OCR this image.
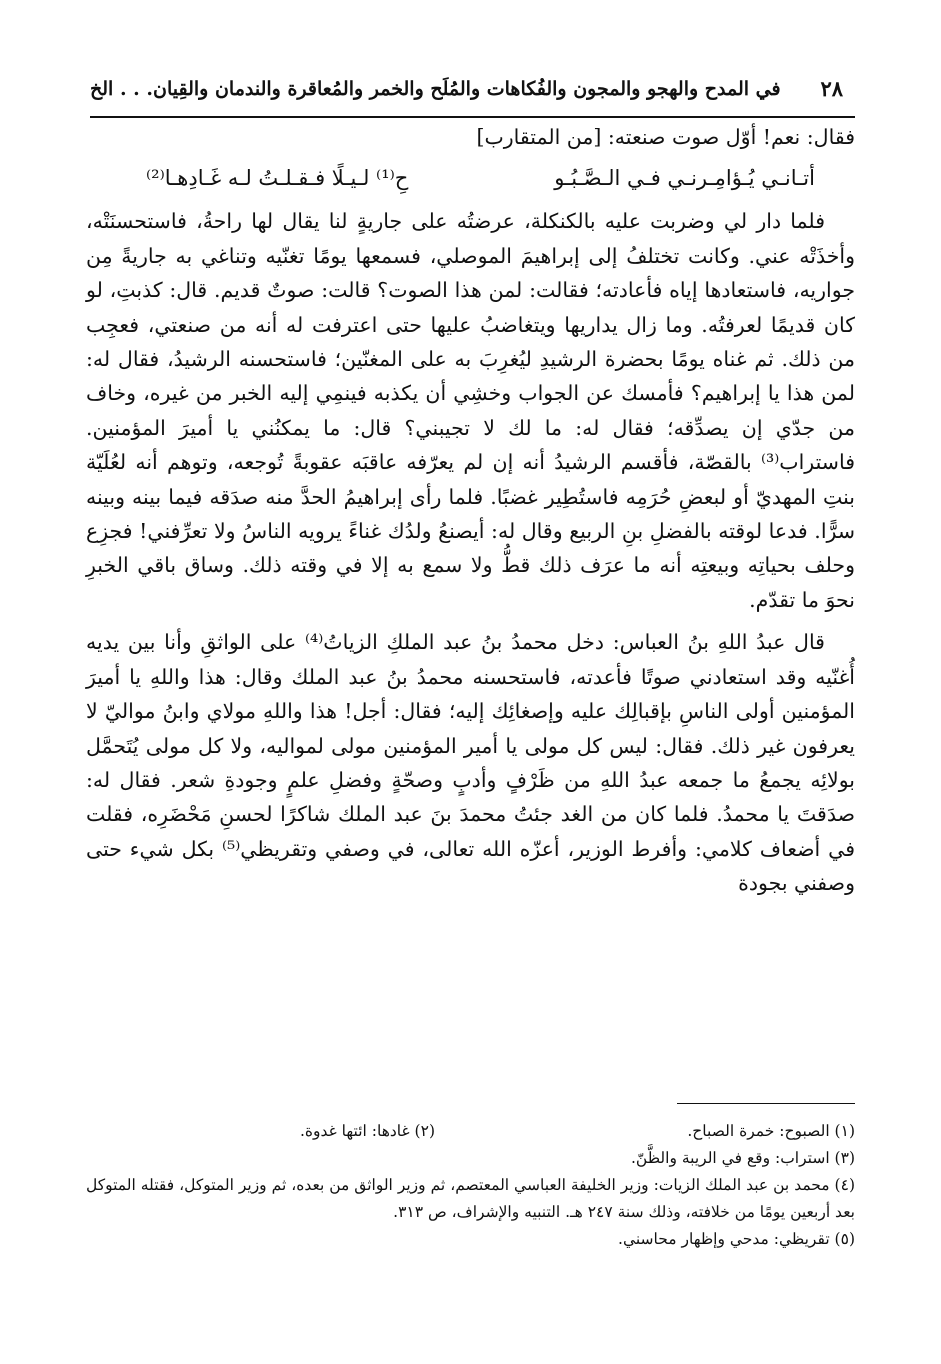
٢٨
في المدح والهجو والمجون والفُكاهات والمُلَح والخمر والمُعاقرة والندمان والقِيان. . . الخ

فقال: نعم! أوّل صوت صنعته: [من المتقارب]

أتـانـي يُـؤامِـرنـي فـي الـصَّـبُـو
حِ⁽¹⁾ لـيـلًا فـقـلـتُ لـه غَـادِهـا⁽²⁾

فلما دار لي وضربت عليه بالكنكلة، عرضتُه على جاريةٍ لنا يقال لها راحةُ، فاستحسنَتْه، وأخذَتْه عني. وكانت تختلفُ إلى إبراهيمَ الموصلي، فسمعها يومًا تغنّيه وتناغي به جاريةً مِن جواريه، فاستعادها إياه فأعادته؛ فقالت: لمن هذا الصوت؟ قالت: صوتٌ قديم. قال: كذبتِ، لو كان قديمًا لعرفتُه. وما زال يداريها ويتغاضبُ عليها حتى اعترفت له أنه من صنعتي، فعجِب من ذلك. ثم غناه يومًا بحضرة الرشيدِ ليُغرِبَ به على المغنّين؛ فاستحسنه الرشيدُ، فقال له: لمن هذا يا إبراهيم؟ فأمسك عن الجواب وخشِي أن يكذبه فينمِي إليه الخبر من غيره، وخاف من جدّي إن يصدِّقه؛ فقال له: ما لك لا تجيبني؟ قال: ما يمكنُني يا أميرَ المؤمنين. فاستراب⁽³⁾ بالقصّة، فأقسم الرشيدُ أنه إن لم يعرّفه عاقبَه عقوبةً تُوجعه، وتوهم أنه لعُلَيّة بنتِ المهديّ أو لبعضِ حُرَمِه فاستُطِير غضبًا. فلما رأى إبراهيمُ الحدَّ منه صدَقه فيما بينه وبينه سرًّا. فدعا لوقته بالفضلِ بنِ الربيع وقال له: أيصنعُ ولدُك غناءً يرويه الناسُ ولا تعرِّفني! فجزِع وحلف بحياتِه وبيعتِه أنه ما عرَف ذلك قطُّ ولا سمع به إلا في وقته ذلك. وساق باقي الخبرِ نحوَ ما تقدّم.

قال عبدُ اللهِ بنُ العباس: دخل محمدُ بنُ عبد الملكِ الزياتُ⁽⁴⁾ على الواثقِ وأنا بين يديه أُغنّيه وقد استعادني صوتًا فأعدته، فاستحسنه محمدُ بنُ عبد الملك وقال: هذا واللهِ يا أميرَ المؤمنين أولى الناسِ بإقبالِك عليه وإصغائِك إليه؛ فقال: أجل! هذا واللهِ مولاي وابنُ مواليّ لا يعرفون غير ذلك. فقال: ليس كل مولى يا أمير المؤمنين مولى لمواليه، ولا كل مولى يُتَحمَّل بولائِه يجمعُ ما جمعه عبدُ اللهِ من ظَرْفٍ وأدبٍ وصحّةٍ وفضلِ علمٍ وجودةِ شعر. فقال له: صدَقتَ يا محمدُ. فلما كان من الغد جئتُ محمدَ بنَ عبد الملك شاكرًا لحسنِ مَحْضَرِه، فقلت في أضعاف كلامي: وأفرط الوزير، أعزّه الله تعالى، في وصفي وتقريظي⁽⁵⁾ بكل شيء حتى وصفني بجودة

(١) الصبوح: خمرة الصباح.

(٢) غادها: ائتها غدوة.

(٣) استراب: وقع في الريبة والظَّنّ.

(٤) محمد بن عبد الملك الزيات: وزير الخليفة العباسي المعتصم، ثم وزير الواثق من بعده، ثم وزير المتوكل، فقتله المتوكل بعد أربعين يومًا من خلافته، وذلك سنة ٢٤٧ هـ. التنبيه والإشراف، ص ٣١٣.

(٥) تقريظي: مدحي وإظهار محاسني.
